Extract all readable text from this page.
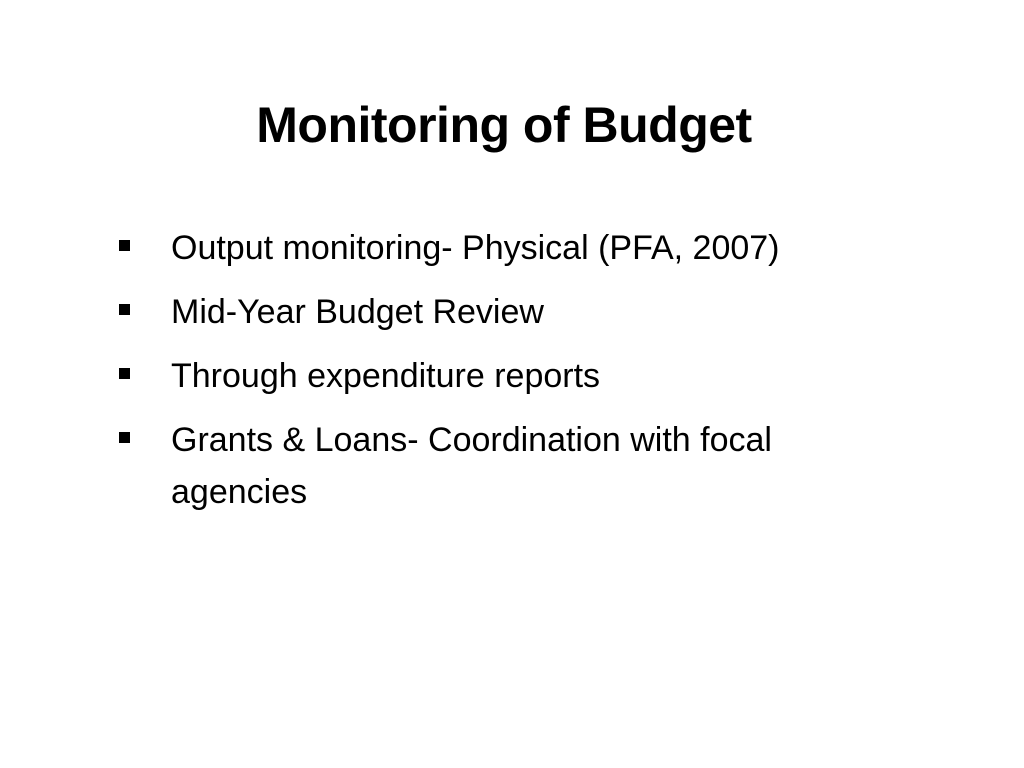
Monitoring of Budget
Output monitoring- Physical (PFA, 2007)
Mid-Year Budget Review
Through expenditure reports
Grants & Loans- Coordination with focal agencies
